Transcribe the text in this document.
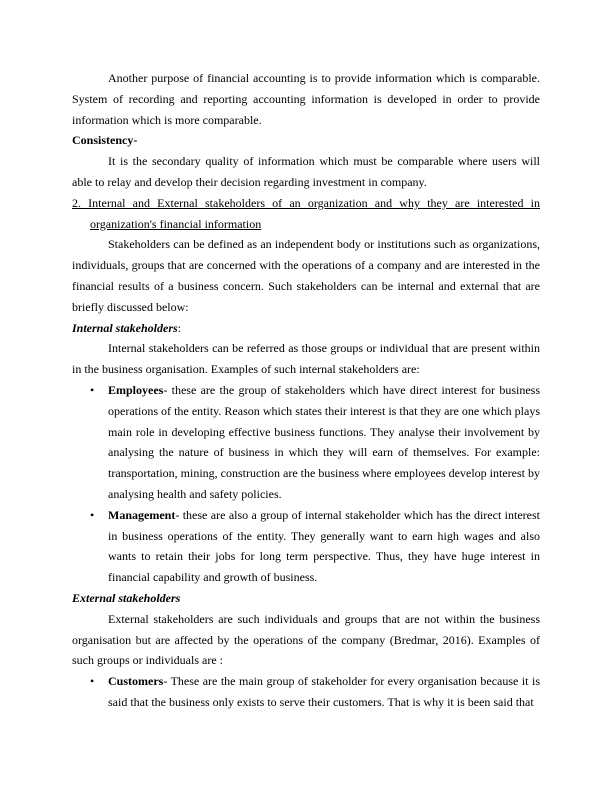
Another purpose of financial accounting is to provide information which is comparable. System of recording and reporting accounting information is developed in order to provide information which is more comparable.

Consistency-

It is the secondary quality of information which must be comparable where users will able to relay and develop their decision regarding investment in company.

2. Internal and External stakeholders of an organization and why they are interested in organization's financial information

Stakeholders can be defined as an independent body or institutions such as organizations, individuals, groups that are concerned with the operations of a company and are interested in the financial results of a business concern. Such stakeholders can be internal and external that are briefly discussed below:

Internal stakeholders:

Internal stakeholders can be referred as those groups or individual that are present within in the business organisation. Examples of such internal stakeholders are:

• Employees- these are the group of stakeholders which have direct interest for business operations of the entity. Reason which states their interest is that they are one which plays main role in developing effective business functions. They analyse their involvement by analysing the nature of business in which they will earn of themselves. For example: transportation, mining, construction are the business where employees develop interest by analysing health and safety policies.
• Management- these are also a group of internal stakeholder which has the direct interest in business operations of the entity. They generally want to earn high wages and also wants to retain their jobs for long term perspective. Thus, they have huge interest in financial capability and growth of business.

External stakeholders

External stakeholders are such individuals and groups that are not within the business organisation but are affected by the operations of the company (Bredmar, 2016). Examples of such groups or individuals are :

• Customers- These are the main group of stakeholder for every organisation because it is said that the business only exists to serve their customers. That is why it is been said that
